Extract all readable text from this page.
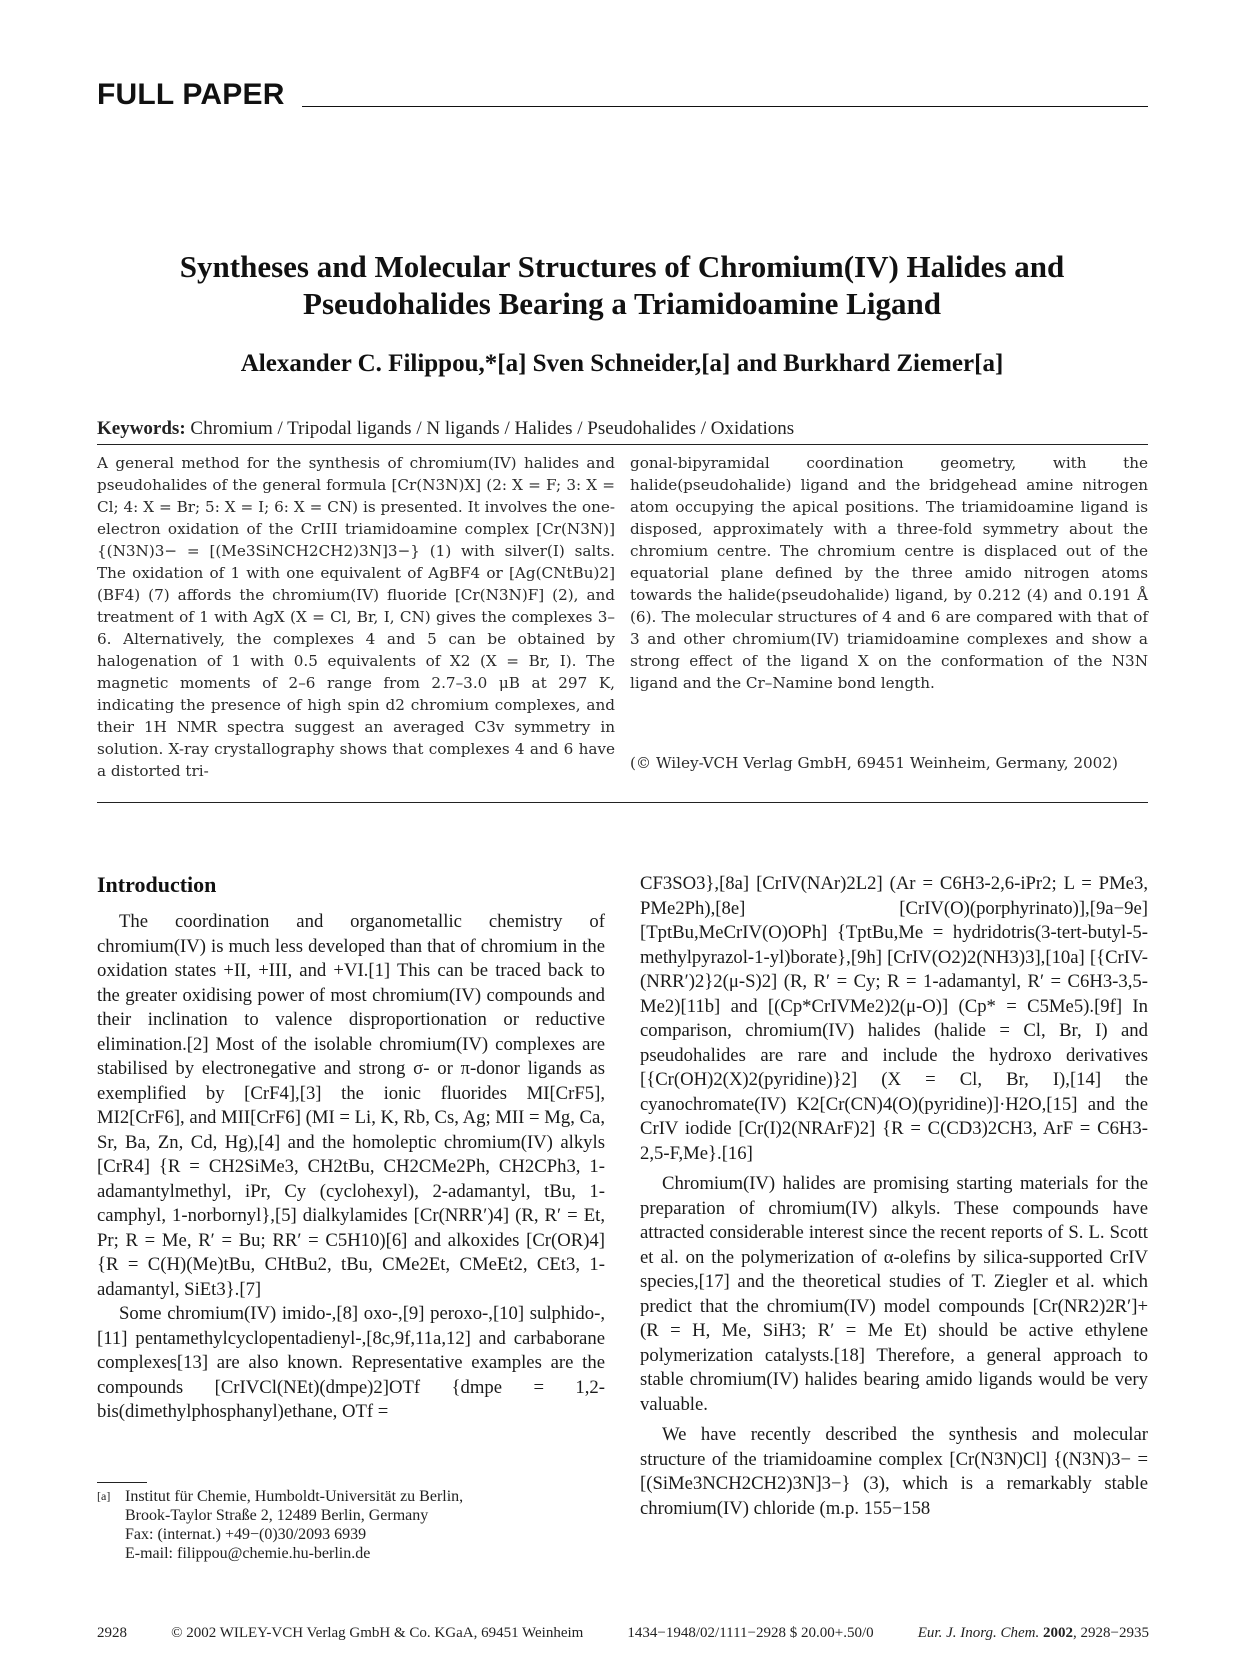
FULL PAPER
Syntheses and Molecular Structures of Chromium(IV) Halides and Pseudohalides Bearing a Triamidoamine Ligand
Alexander C. Filippou,*[a] Sven Schneider,[a] and Burkhard Ziemer[a]
Keywords: Chromium / Tripodal ligands / N ligands / Halides / Pseudohalides / Oxidations
A general method for the synthesis of chromium(IV) halides and pseudohalides of the general formula [Cr(N3N)X] (2: X = F; 3: X = Cl; 4: X = Br; 5: X = I; 6: X = CN) is presented. It involves the one-electron oxidation of the CrIII triamidoamine complex [Cr(N3N)] {(N3N)3− = [(Me3SiNCH2CH2)3N]3−} (1) with silver(I) salts. The oxidation of 1 with one equivalent of AgBF4 or [Ag(CNtBu)2](BF4) (7) affords the chromium(IV) fluoride [Cr(N3N)F] (2), and treatment of 1 with AgX (X = Cl, Br, I, CN) gives the complexes 3–6. Alternatively, the complexes 4 and 5 can be obtained by halogenation of 1 with 0.5 equivalents of X2 (X = Br, I). The magnetic moments of 2–6 range from 2.7–3.0 μB at 297 K, indicating the presence of high spin d2 chromium complexes, and their 1H NMR spectra suggest an averaged C3v symmetry in solution. X-ray crystallography shows that complexes 4 and 6 have a distorted tri-
gonal-bipyramidal coordination geometry, with the halide(pseudohalide) ligand and the bridgehead amine nitrogen atom occupying the apical positions. The triamidoamine ligand is disposed, approximately with a three-fold symmetry about the chromium centre. The chromium centre is displaced out of the equatorial plane defined by the three amido nitrogen atoms towards the halide(pseudohalide) ligand, by 0.212 (4) and 0.191 Å (6). The molecular structures of 4 and 6 are compared with that of 3 and other chromium(IV) triamidoamine complexes and show a strong effect of the ligand X on the conformation of the N3N ligand and the Cr–Namine bond length.
(© Wiley-VCH Verlag GmbH, 69451 Weinheim, Germany, 2002)
Introduction

The coordination and organometallic chemistry of chromium(IV) is much less developed than that of chromium in the oxidation states +II, +III, and +VI.[1] This can be traced back to the greater oxidising power of most chromium(IV) compounds and their inclination to valence disproportionation or reductive elimination.[2] Most of the isolable chromium(IV) complexes are stabilised by electronegative and strong σ- or π-donor ligands as exemplified by [CrF4],[3] the ionic fluorides MI[CrF5], MI2[CrF6], and MII[CrF6] (MI = Li, K, Rb, Cs, Ag; MII = Mg, Ca, Sr, Ba, Zn, Cd, Hg),[4] and the homoleptic chromium(IV) alkyls [CrR4] {R = CH2SiMe3, CH2tBu, CH2CMe2Ph, CH2CPh3, 1-adamantylmethyl, iPr, Cy (cyclohexyl), 2-adamantyl, tBu, 1-camphyl, 1-norbornyl},[5] dialkylamides [Cr(NRR′)4] (R, R′ = Et, Pr; R = Me, R′ = Bu; RR′ = C5H10)[6] and alkoxides [Cr(OR)4] {R = C(H)(Me)tBu, CHtBu2, tBu, CMe2Et, CMeEt2, CEt3, 1-adamantyl, SiEt3}.[7]

Some chromium(IV) imido-,[8] oxo-,[9] peroxo-,[10] sulphido-,[11] pentamethylcyclopentadienyl-,[8c,9f,11a,12] and carbaborane complexes[13] are also known. Representative examples are the compounds [CrIVCl(NEt)(dmpe)2]OTf {dmpe = 1,2-bis(dimethylphosphanyl)ethane, OTf =

CF3SO3},[8a] [CrIV(NAr)2L2] (Ar = C6H3-2,6-iPr2; L = PMe3, PMe2Ph),[8e] [CrIV(O)(porphyrinato)],[9a−9e] [TptBu,MeCrIV(O)OPh] {TptBu,Me = hydridotris(3-tert-butyl-5-methylpyrazol-1-yl)borate},[9h] [CrIV(O2)2(NH3)3],[10a] [{CrIV-(NRR′)2}2(μ-S)2] (R, R′ = Cy; R = 1-adamantyl, R′ = C6H3-3,5-Me2)[11b] and [(Cp*CrIVMe2)2(μ-O)] (Cp* = C5Me5).[9f] In comparison, chromium(IV) halides (halide = Cl, Br, I) and pseudohalides are rare and include the hydroxo derivatives [{Cr(OH)2(X)2(pyridine)}2] (X = Cl, Br, I),[14] the cyanochromate(IV) K2[Cr(CN)4(O)(pyridine)]·H2O,[15] and the CrIV iodide [Cr(I)2(NRArF)2] {R = C(CD3)2CH3, ArF = C6H3-2,5-F,Me}.[16]

Chromium(IV) halides are promising starting materials for the preparation of chromium(IV) alkyls. These compounds have attracted considerable interest since the recent reports of S. L. Scott et al. on the polymerization of α-olefins by silica-supported CrIV species,[17] and the theoretical studies of T. Ziegler et al. which predict that the chromium(IV) model compounds [Cr(NR2)2R′]+ (R = H, Me, SiH3; R′ = Me Et) should be active ethylene polymerization catalysts.[18] Therefore, a general approach to stable chromium(IV) halides bearing amido ligands would be very valuable.

We have recently described the synthesis and molecular structure of the triamidoamine complex [Cr(N3N)Cl] {(N3N)3− = [(SiMe3NCH2CH2)3N]3−} (3), which is a remarkably stable chromium(IV) chloride (m.p. 155−158

[a] Institut für Chemie, Humboldt-Universität zu Berlin,
Brook-Taylor Straße 2, 12489 Berlin, Germany
Fax: (internat.) +49−(0)30/2093 6939
E-mail: filippou@chemie.hu-berlin.de
2928	© 2002 WILEY-VCH Verlag GmbH & Co. KGaA, 69451 Weinheim	1434−1948/02/1111−2928 $ 20.00+.50/0	Eur. J. Inorg. Chem. 2002, 2928−2935
